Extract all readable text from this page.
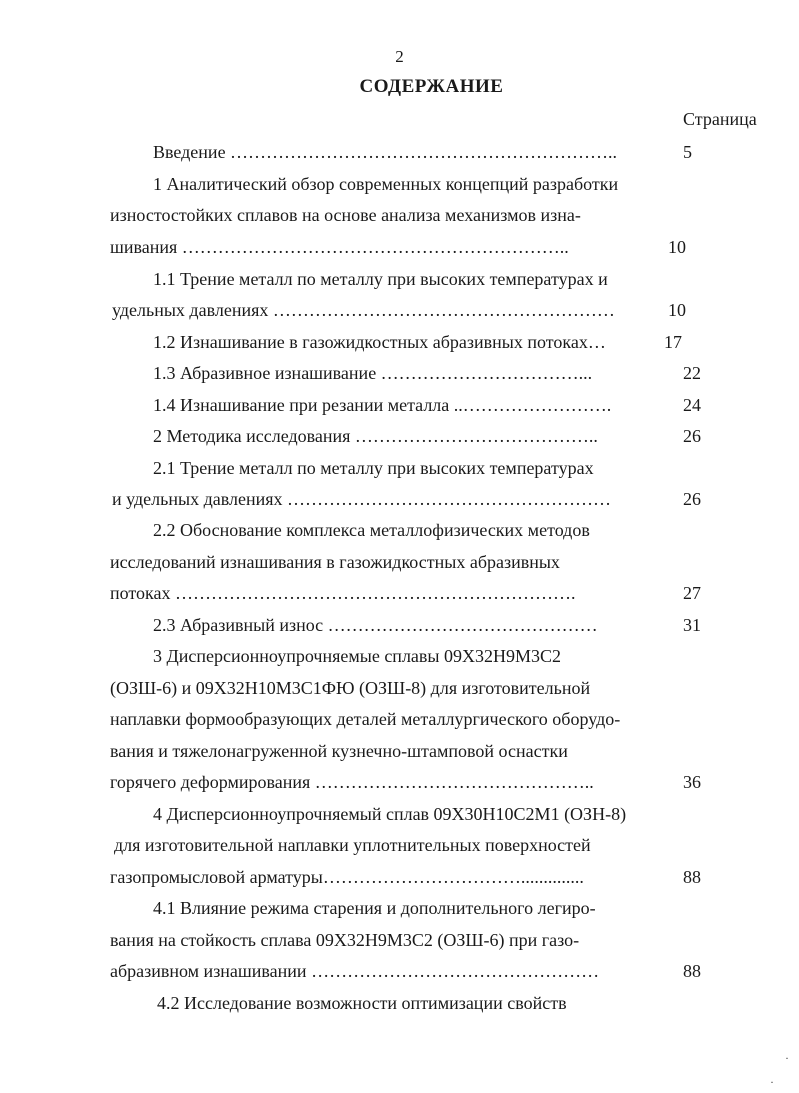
2
СОДЕРЖАНИЕ
Страница
Введение ………………………………………………………..	5
1 Аналитический обзор современных концепций разработки
изностостойких сплавов на основе анализа механизмов изна-
шивания ………………………………………………………..	10
1.1 Трение металл по металлу при высоких температурах и
удельных давлениях …………………………………………………	10
1.2 Изнашивание в газожидкостных абразивных потоках…	17
1.3 Абразивное изнашивание ……………………………...	22
1.4 Изнашивание при резании металла ..…………………….	24
2 Методика исследования …………………………………..	26
2.1 Трение металл по металлу при высоких температурах
и удельных давлениях ………………………………………………	26
2.2 Обоснование комплекса металлофизических методов
исследований изнашивания в газожидкостных абразивных
потоках ………………………………………………………….	27
2.3 Абразивный износ ………………………………………	31
3 Дисперсионноупрочняемые сплавы 09Х32Н9М3С2
(ОЗШ-6) и 09Х32Н10М3С1ФЮ (ОЗШ-8) для изготовительной
наплавки формообразующих деталей металлургического оборудо-
вания и тяжелонагруженной кузнечно-штамповой оснастки
горячего деформирования ………………………………………..	36
4 Дисперсионноупрочняемый сплав 09Х30Н10С2М1 (ОЗН-8)
для изготовительной наплавки уплотнительных поверхностей
газопромысловой арматуры……………………………..............	88
4.1 Влияние режима старения и дополнительного легиро-
вания на стойкость сплава 09Х32Н9М3С2 (ОЗШ-6) при газо-
абразивном изнашивании …………………………………………	88
4.2 Исследование возможности оптимизации свойств
·
·
